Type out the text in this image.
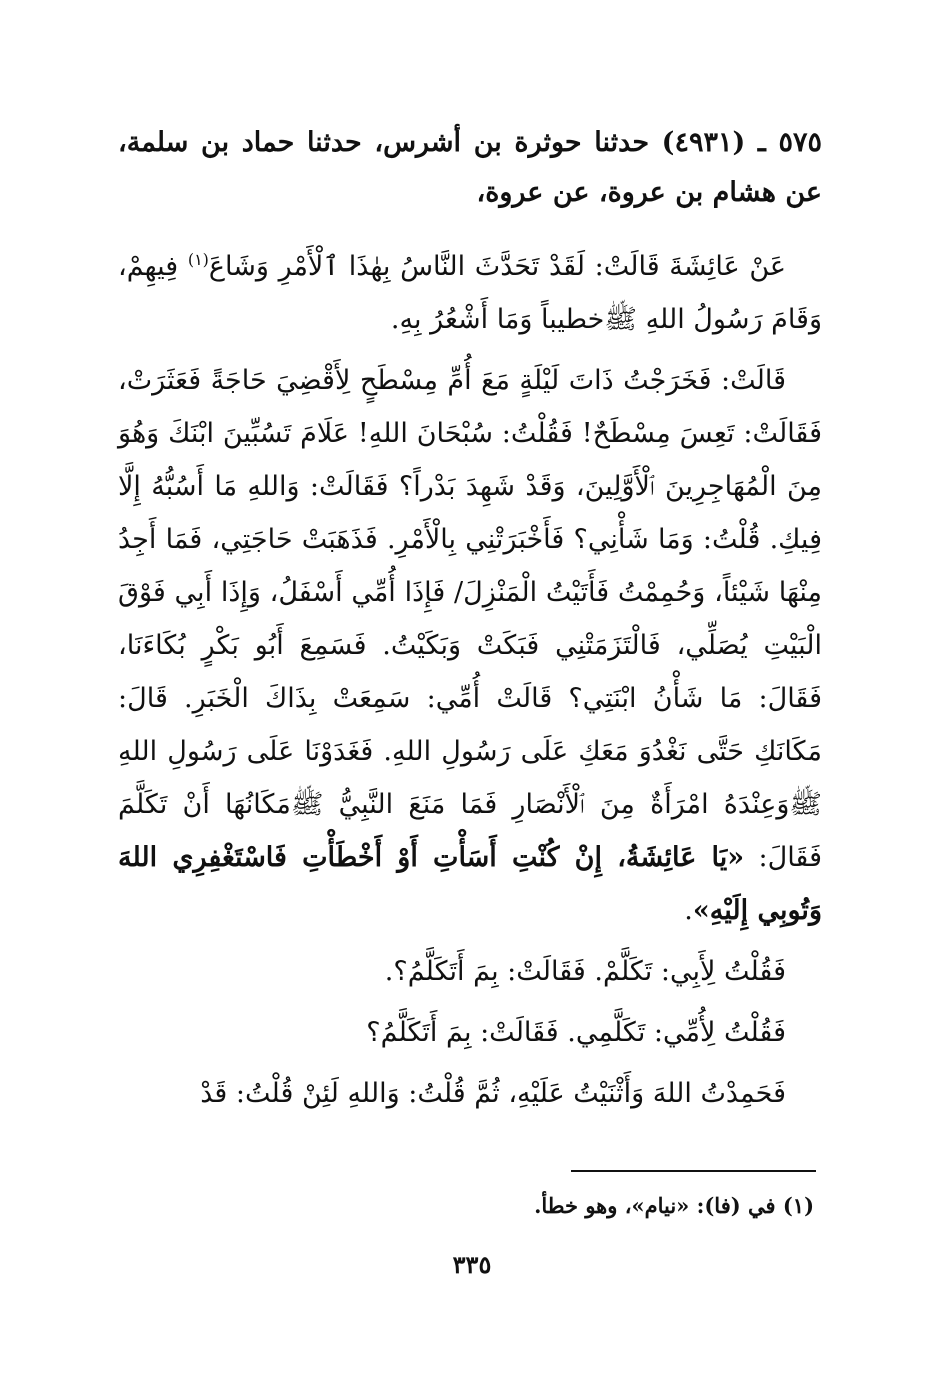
٥٧٥ ـ (٤٩٣١) حدثنا حوثرة بن أشرس، حدثنا حماد بن سلمة، عن هشام بن عروة، عن عروة،

عَنْ عَائِشَةَ قَالَتْ: لَقَدْ تَحَدَّثَ النَّاسُ بِهٰذَا ٱلْأَمْرِ وَشَاعَ$^{(١)}$ فِيهِمْ، وَقَامَ رَسُولُ اللهِ ﷺخطيباً وَمَا أَشْعُرُ بِهِ.

قَالَتْ: فَخَرَجْتُ ذَاتَ لَيْلَةٍ مَعَ أُمِّ مِسْطَحٍ لِأَقْضِيَ حَاجَةً فَعَثَرَتْ، فَقَالَتْ: تَعِسَ مِسْطَحٌ! فَقُلْتُ: سُبْحَانَ اللهِ! عَلَامَ تَسُبِّينَ ابْنَكَ وَهُوَ مِنَ الْمُهَاجِرِينَ ٱلْأَوَّلِينَ، وَقَدْ شَهِدَ بَدْراً؟ فَقَالَتْ: وَاللهِ مَا أَسُبُّهُ إِلَّا فِيكِ. قُلْتُ: وَمَا شَأْنِي؟ فَأَخْبَرَتْنِي بِالْأَمْرِ. فَذَهَبَتْ حَاجَتِي، فَمَا أَجِدُ مِنْهَا شَيْئاً، وَحُمِمْتُ فَأَتَيْتُ الْمَنْزِلَ/ فَإِذَا أُمِّي أَسْفَلُ، وَإِذَا أَبِي فَوْقَ الْبَيْتِ يُصَلِّي، فَالْتَزَمَتْنِي فَبَكَتْ وَبَكَيْتُ. فَسَمِعَ أَبُو بَكْرٍ بُكَاءَنَا، فَقَالَ: مَا شَأْنُ ابْنَتِي؟ قَالَتْ أُمِّي: سَمِعَتْ بِذَاكَ الْخَبَرِ. قَالَ: مَكَانَكِ حَتَّى نَغْدُوَ مَعَكِ عَلَى رَسُولِ اللهِ. فَغَدَوْنَا عَلَى رَسُولِ اللهِ ﷺوَعِنْدَهُ امْرَأَةٌ مِنَ ٱلْأَنْصَارِ فَمَا مَنَعَ النَّبِيُّ ﷺمَكَانُهَا أَنْ تَكَلَّمَ فَقَالَ: «يَا عَائِشَةُ، إِنْ كُنْتِ أَسَأْتِ أَوْ أَخْطَأْتِ فَاسْتَغْفِرِي اللهَ وَتُوبِي إِلَيْهِ».

فَقُلْتُ لِأَبِي: تَكَلَّمْ. فَقَالَتْ: بِمَ أَتَكَلَّمُ؟.

فَقُلْتُ لِأُمِّي: تَكَلَّمِي. فَقَالَتْ: بِمَ أَتَكَلَّمُ؟

فَحَمِدْتُ اللهَ وَأَثْنَيْتُ عَلَيْهِ، ثُمَّ قُلْتُ: وَاللهِ لَئِنْ قُلْتُ: قَدْ

(١) في (فا): «نيام»، وهو خطأ.
٣٣٥
